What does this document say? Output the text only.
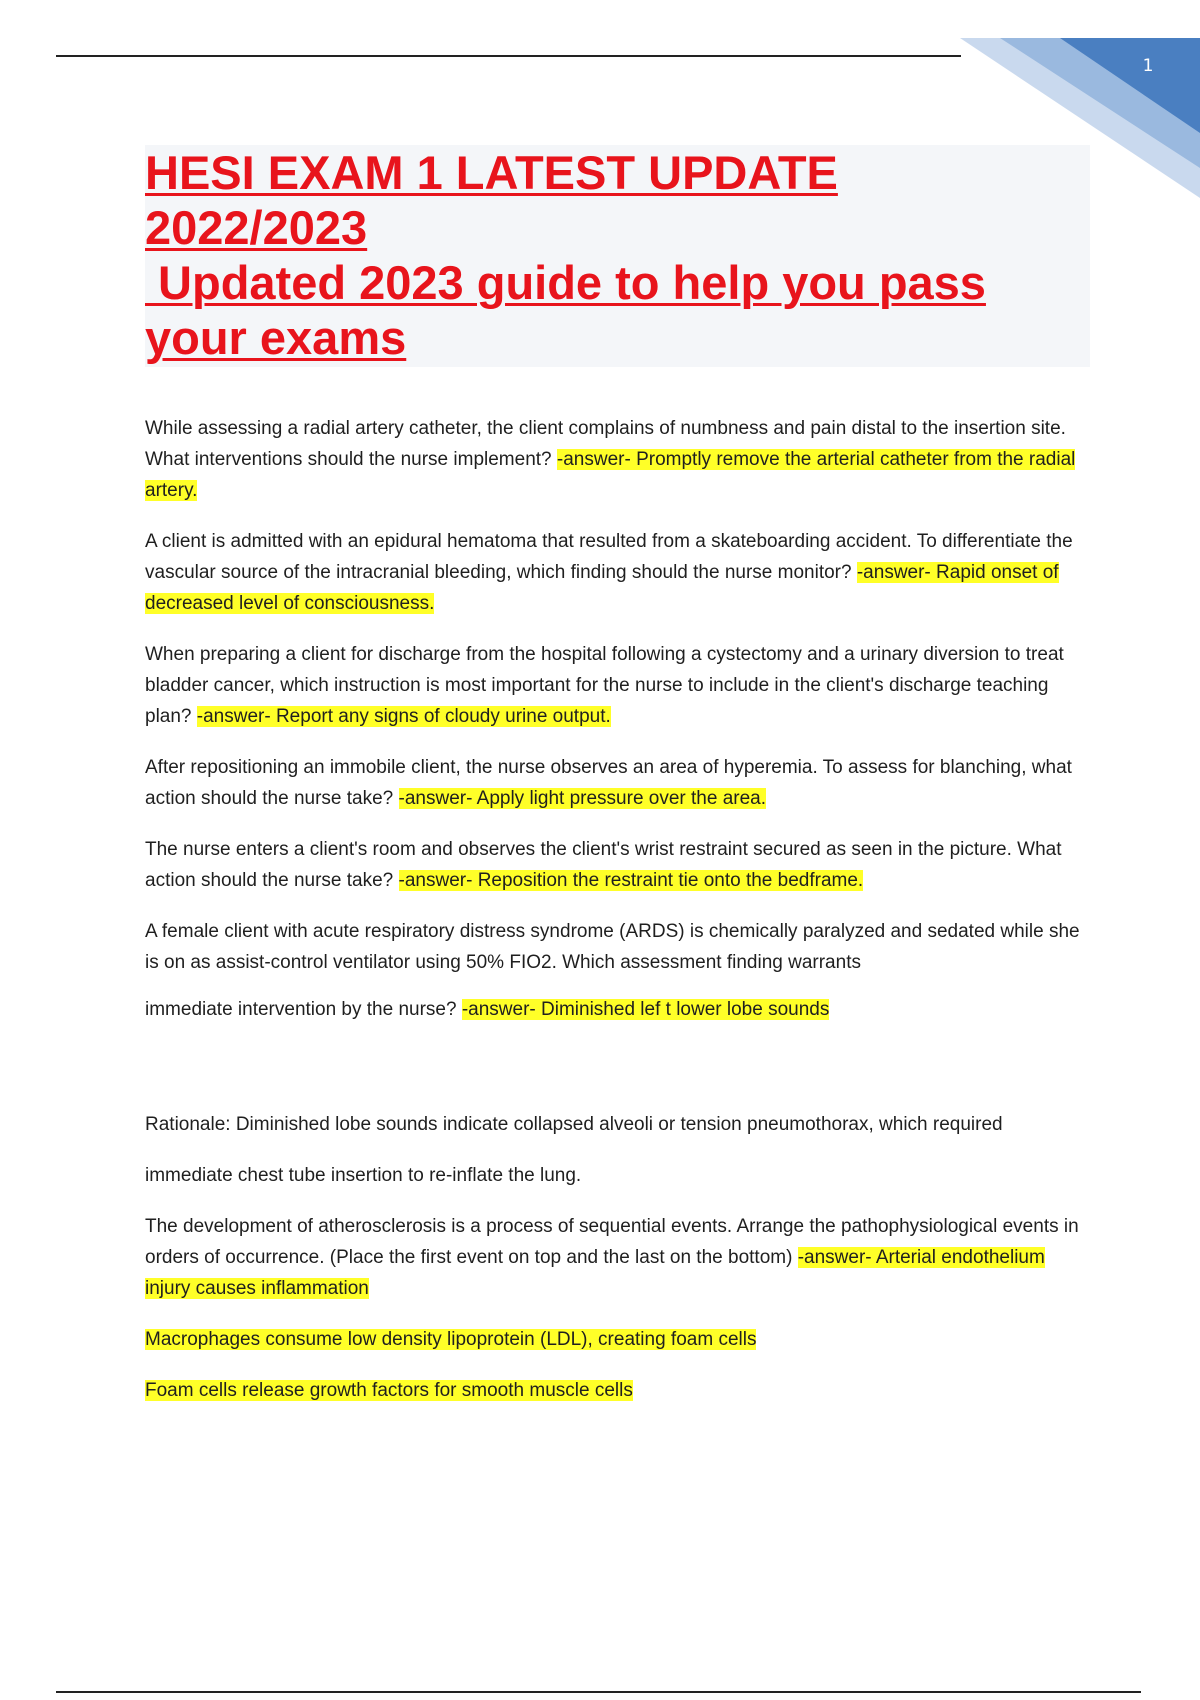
1
HESI EXAM 1 LATEST UPDATE
2022/2023
Updated 2023 guide to help you pass
your exams

While assessing a radial artery catheter, the client complains of numbness and pain distal to the insertion site. What interventions should the nurse implement? -answer- Promptly remove the arterial catheter from the radial artery.

A client is admitted with an epidural hematoma that resulted from a skateboarding accident. To differentiate the vascular source of the intracranial bleeding, which finding should the nurse monitor? -answer- Rapid onset of decreased level of consciousness.

When preparing a client for discharge from the hospital following a cystectomy and a urinary diversion to treat bladder cancer, which instruction is most important for the nurse to include in the client's discharge teaching plan? -answer- Report any signs of cloudy urine output.

After repositioning an immobile client, the nurse observes an area of hyperemia. To assess for blanching, what action should the nurse take? -answer- Apply light pressure over the area.

The nurse enters a client's room and observes the client's wrist restraint secured as seen in the picture. What action should the nurse take? -answer- Reposition the restraint tie onto the bedframe.

A female client with acute respiratory distress syndrome (ARDS) is chemically paralyzed and sedated while she is on as assist-control ventilator using 50% FIO2. Which assessment finding warrants

immediate intervention by the nurse? -answer- Diminished lef t lower lobe sounds

Rationale: Diminished lobe sounds indicate collapsed alveoli or tension pneumothorax, which required

immediate chest tube insertion to re-inflate the lung.

The development of atherosclerosis is a process of sequential events. Arrange the pathophysiological events in orders of occurrence. (Place the first event on top and the last on the bottom) -answer- Arterial endothelium injury causes inflammation

Macrophages consume low density lipoprotein (LDL), creating foam cells

Foam cells release growth factors for smooth muscle cells
